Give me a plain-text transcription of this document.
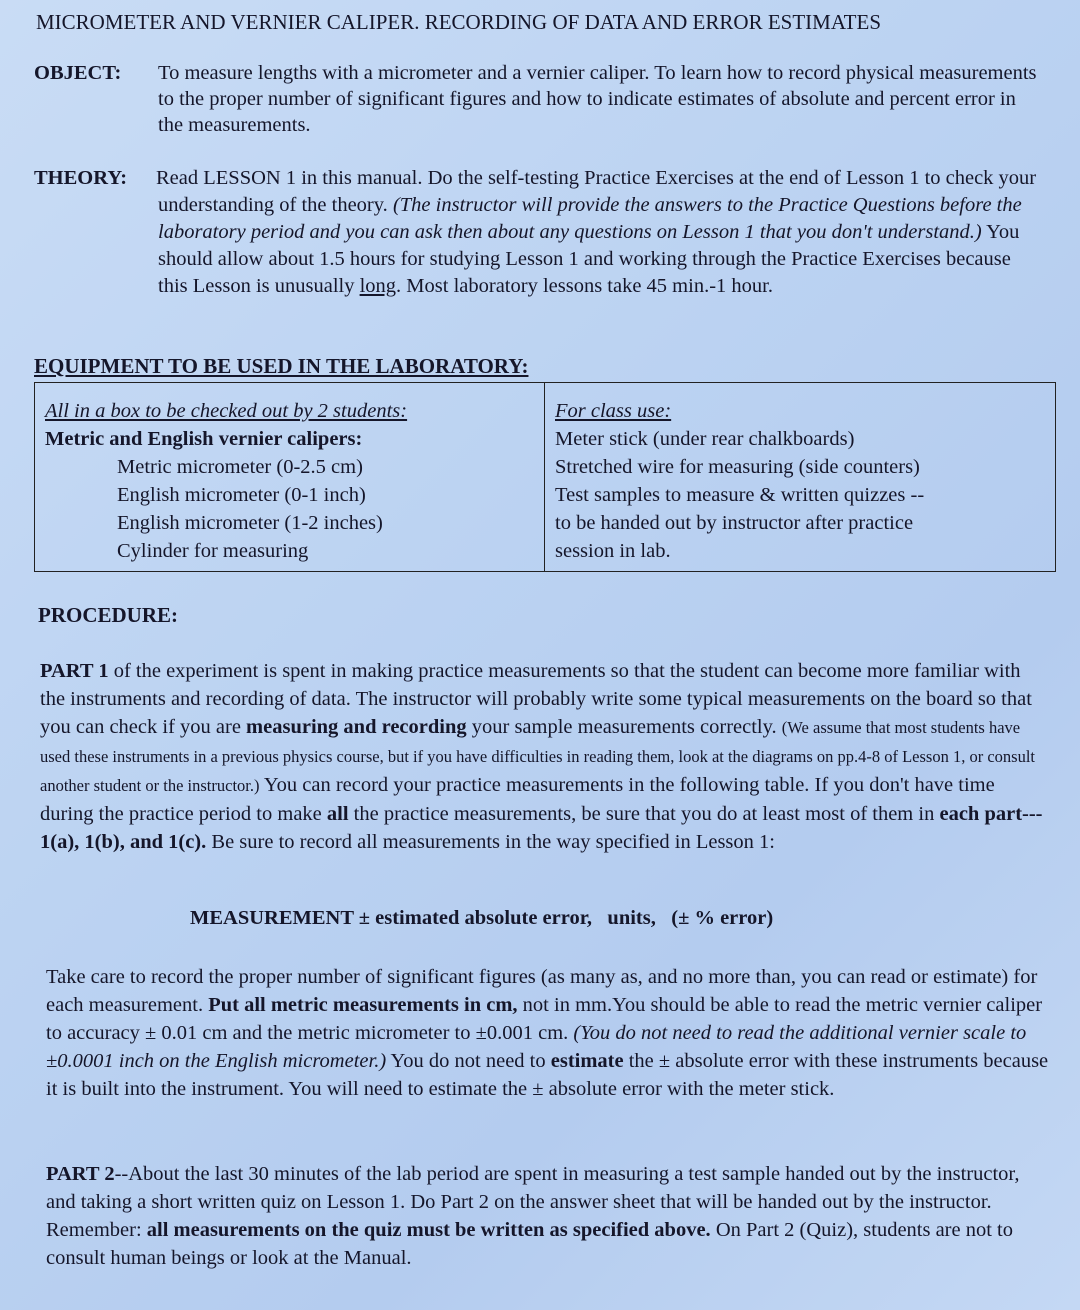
MICROMETER AND VERNIER CALIPER. RECORDING OF DATA AND ERROR ESTIMATES
OBJECT: To measure lengths with a micrometer and a vernier caliper. To learn how to record physical measurements to the proper number of significant figures and how to indicate estimates of absolute and percent error in the measurements.
THEORY: Read LESSON 1 in this manual. Do the self-testing Practice Exercises at the end of Lesson 1 to check your understanding of the theory. (The instructor will provide the answers to the Practice Questions before the laboratory period and you can ask then about any questions on Lesson 1 that you don't understand.) You should allow about 1.5 hours for studying Lesson 1 and working through the Practice Exercises because this Lesson is unusually long. Most laboratory lessons take 45 min.-1 hour.
EQUIPMENT TO BE USED IN THE LABORATORY:
All in a box to be checked out by 2 students:
Metric and English vernier calipers:
Metric micrometer (0-2.5 cm)
English micrometer (0-1 inch)
English micrometer (1-2 inches)
Cylinder for measuring
For class use:
Meter stick (under rear chalkboards)
Stretched wire for measuring (side counters)
Test samples to measure & written quizzes --
to be handed out by instructor after practice
session in lab.
PROCEDURE:
PART 1 of the experiment is spent in making practice measurements so that the student can become more familiar with the instruments and recording of data. The instructor will probably write some typical measurements on the board so that you can check if you are measuring and recording your sample measurements correctly. (We assume that most students have used these instruments in a previous physics course, but if you have difficulties in reading them, look at the diagrams on pp.4-8 of Lesson 1, or consult another student or the instructor.) You can record your practice measurements in the following table. If you don't have time during the practice period to make all the practice measurements, be sure that you do at least most of them in each part--- 1(a), 1(b), and 1(c). Be sure to record all measurements in the way specified in Lesson 1:
MEASUREMENT ± estimated absolute error,   units,   (± % error)
Take care to record the proper number of significant figures (as many as, and no more than, you can read or estimate) for each measurement. Put all metric measurements in cm, not in mm.You should be able to read the metric vernier caliper to accuracy ± 0.01 cm and the metric micrometer to ±0.001 cm. (You do not need to read the additional vernier scale to ±0.0001 inch on the English micrometer.) You do not need to estimate the ± absolute error with these instruments because it is built into the instrument. You will need to estimate the ± absolute error with the meter stick.
PART 2--About the last 30 minutes of the lab period are spent in measuring a test sample handed out by the instructor, and taking a short written quiz on Lesson 1. Do Part 2 on the answer sheet that will be handed out by the instructor. Remember: all measurements on the quiz must be written as specified above. On Part 2 (Quiz), students are not to consult human beings or look at the Manual.
